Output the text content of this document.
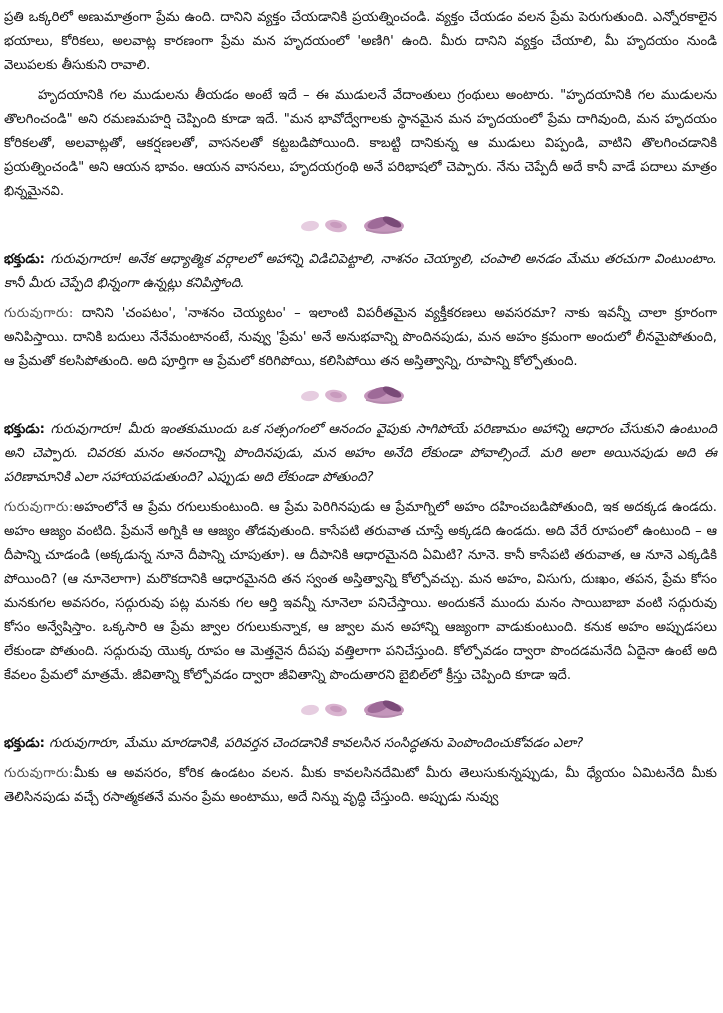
ప్రతి ఒక్కరిలో అణుమాత్రంగా ప్రేమ ఉంది. దానిని వ్యక్తం చేయడానికి ప్రయత్నించండి. వ్యక్తం చేయడం వలన ప్రేమ పెరుగుతుంది. ఎన్నోరకాలైన భయాలు, కోరికలు, అలవాట్ల కారణంగా ప్రేమ మన హృదయంలో 'అణిగి' ఉంది. మీరు దానిని వ్యక్తం చేయాలి, మీ హృదయం నుండి వెలుపలకు తీసుకుని రావాలి.

హృదయానికి గల ముడులను తీయడం అంటే ఇదే – ఈ ముడులనే వేదాంతులు గ్రంథులు అంటారు. "హృదయానికి గల ముడులను తొలగించండి" అని రమణమహర్షి చెప్పింది కూడా ఇదే. "మన భావోద్వేగాలకు స్థానమైన మన హృదయంలో ప్రేమ దాగివుంది, మన హృదయం కోరికలతో, అలవాట్లతో, ఆకర్షణలతో, వాసనలతో కట్టబడిపోయింది. కాబట్టి దానికున్న ఆ ముడులు విప్పండి, వాటిని తొలగించడానికి ప్రయత్నించండి" అని ఆయన భావం. ఆయన వాసనలు, హృదయగ్రంథి అనే పరిభాషలో చెప్పారు. నేను చెప్పేదీ అదే కానీ వాడే పదాలు మాత్రం భిన్నమైనవి.

భక్తుడు: గురువుగారూ! అనేక ఆధ్యాత్మిక వర్గాలలో అహాన్ని విడిచిపెట్టాలి, నాశనం చెయ్యాలి, చంపాలి అనడం మేము తరచుగా వింటుంటాం. కానీ మీరు చెప్పేది భిన్నంగా ఉన్నట్లు కనిపిస్తోంది.

గురువుగారు: దానిని 'చంపటం', 'నాశనం చెయ్యటం' – ఇలాంటి విపరీతమైన వ్యక్తీకరణలు అవసరమా? నాకు ఇవన్నీ చాలా క్రూరంగా అనిపిస్తాయి. దానికి బదులు నేనేమంటానంటే, నువ్వు 'ప్రేమ' అనే అనుభవాన్ని పొందినపుడు, మన అహం క్రమంగా అందులో లీనమైపోతుంది, ఆ ప్రేమతో కలసిపోతుంది. అది పూర్తిగా ఆ ప్రేమలో కరిగిపోయి, కలిసిపోయి తన అస్తిత్వాన్ని, రూపాన్ని కోల్పోతుంది.

భక్తుడు: గురువుగారూ! మీరు ఇంతకుముందు ఒక సత్సంగంలో ఆనందం వైపుకు సాగిపోయే పరిణామం అహాన్ని ఆధారం చేసుకుని ఉంటుంది అని చెప్పారు. చివరకు మనం ఆనందాన్ని పొందినపుడు, మన అహం అనేది లేకుండా పోవాల్సిందే. మరి అలా అయినపుడు అది ఈ పరిణామానికి ఎలా సహాయపడుతుంది? ఎప్పుడు అది లేకుండా పోతుంది?

గురువుగారు:అహంలోనే ఆ ప్రేమ రగులుకుంటుంది. ఆ ప్రేమ పెరిగినపుడు ఆ ప్రేమాగ్నిలో అహం దహించబడిపోతుంది, ఇక అదక్కడ ఉండదు. అహం ఆజ్యం వంటిది. ప్రేమనే అగ్నికి ఆ ఆజ్యం తోడవుతుంది. కాసేపటి తరువాత చూస్తే అక్కడది ఉండదు. అది వేరే రూపంలో ఉంటుంది – ఆ దీపాన్ని చూడండి (అక్కడున్న నూనె దీపాన్ని చూపుతూ). ఆ దీపానికి ఆధారమైనది ఏమిటి? నూనె. కానీ కాసేపటి తరువాత, ఆ నూనె ఎక్కడికి పోయింది? (ఆ నూనెలాగా) మరొకదానికి ఆధారమైనది తన స్వంత అస్తిత్వాన్ని కోల్పోవచ్చు. మన అహం, విసుగు, దుఃఖం, తపన, ప్రేమ కోసం మనకుగల అవసరం, సద్గురువు పట్ల మనకు గల ఆర్తి ఇవన్నీ నూనెలా పనిచేస్తాయి. అందుకనే ముందు మనం సాయిబాబా వంటి సద్గురువు కోసం అన్వేషిస్తాం. ఒక్కసారి ఆ ప్రేమ జ్వాల రగులుకున్నాక, ఆ జ్వాల మన అహాన్ని ఆజ్యంగా వాడుకుంటుంది. కనుక అహం అప్పుడసలు లేకుండా పోతుంది. సద్గురువు యొక్క రూపం ఆ మెత్తనైన దీపపు వత్తిలాగా పనిచేస్తుంది. కోల్పోవడం ద్వారా పొందడమనేది ఏదైనా ఉంటే అది కేవలం ప్రేమలో మాత్రమే. జీవితాన్ని కోల్పోవడం ద్వారా జీవితాన్ని పొందుతారని బైబిల్‌లో క్రీస్తు చెప్పింది కూడా ఇదే.

భక్తుడు: గురువుగారూ, మేము మారడానికి, పరివర్తన చెందడానికి కావలసిన సంసిద్ధతను పెంపొందించుకోవడం ఎలా?

గురువుగారు:మీకు ఆ అవసరం, కోరిక ఉండటం వలన. మీకు కావలసినదేమిటో మీరు తెలుసుకున్నప్పుడు, మీ ధ్యేయం ఏమిటనేది మీకు తెలిసినపుడు వచ్చే రసాత్మకతనే మనం ప్రేమ అంటాము, అదే నిన్ను వృద్ధి చేస్తుంది. అప్పుడు నువ్వు
